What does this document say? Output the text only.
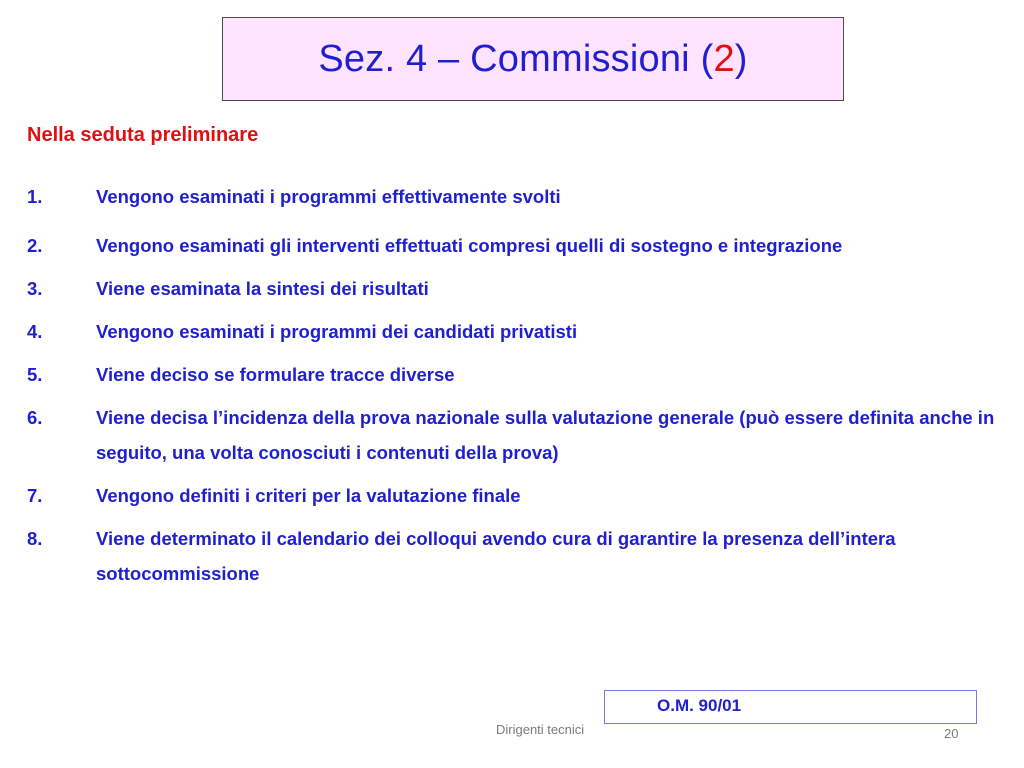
Sez. 4 – Commissioni (2)
Nella seduta preliminare
1.	Vengono esaminati i programmi effettivamente svolti
2.	Vengono esaminati gli interventi effettuati compresi quelli di sostegno e integrazione
3.	Viene esaminata la sintesi dei risultati
4.	Vengono esaminati i programmi dei candidati privatisti
5.	Viene deciso se formulare tracce diverse
6.	Viene decisa l’incidenza della prova nazionale sulla valutazione generale (può essere definita anche in seguito, una volta conosciuti i contenuti della prova)
7.	Vengono definiti i criteri per la valutazione finale
8.	Viene determinato il calendario dei colloqui avendo cura di garantire la presenza dell’intera sottocommissione
O.M. 90/01
Dirigenti tecnici	20
